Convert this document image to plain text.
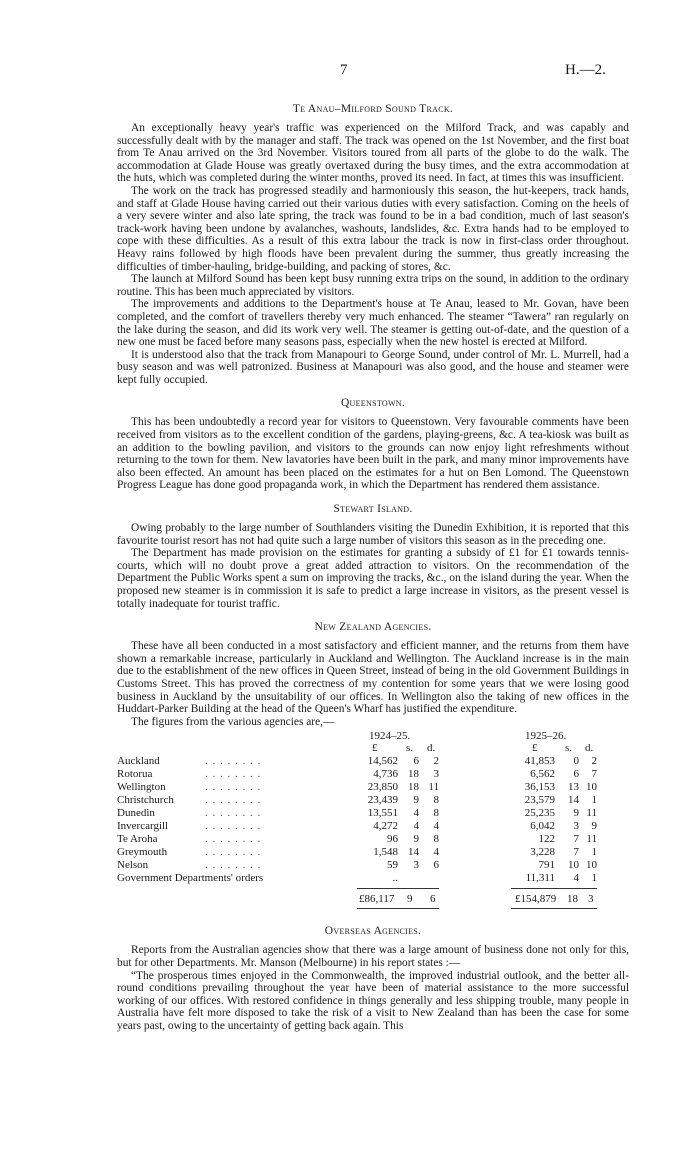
7	H.—2.
Te Anau–Milford Sound Track.

An exceptionally heavy year's traffic was experienced on the Milford Track, and was capably and successfully dealt with by the manager and staff. The track was opened on the 1st November, and the first boat from Te Anau arrived on the 3rd November. Visitors toured from all parts of the globe to do the walk. The accommodation at Glade House was greatly overtaxed during the busy times, and the extra accommodation at the huts, which was completed during the winter months, proved its need. In fact, at times this was insufficient.

The work on the track has progressed steadily and harmoniously this season, the hut-keepers, track hands, and staff at Glade House having carried out their various duties with every satisfaction. Coming on the heels of a very severe winter and also late spring, the track was found to be in a bad condition, much of last season's track-work having been undone by avalanches, washouts, landslides, &c. Extra hands had to be employed to cope with these difficulties. As a result of this extra labour the track is now in first-class order throughout. Heavy rains followed by high floods have been prevalent during the summer, thus greatly increasing the difficulties of timber-hauling, bridge-building, and packing of stores, &c.

The launch at Milford Sound has been kept busy running extra trips on the sound, in addition to the ordinary routine. This has been much appreciated by visitors.

The improvements and additions to the Department's house at Te Anau, leased to Mr. Govan, have been completed, and the comfort of travellers thereby very much enhanced. The steamer “Tawera” ran regularly on the lake during the season, and did its work very well. The steamer is getting out-of-date, and the question of a new one must be faced before many seasons pass, especially when the new hostel is erected at Milford.

It is understood also that the track from Manapouri to George Sound, under control of Mr. L. Murrell, had a busy season and was well patronized. Business at Manapouri was also good, and the house and steamer were kept fully occupied.

Queenstown.

This has been undoubtedly a record year for visitors to Queenstown. Very favourable comments have been received from visitors as to the excellent condition of the gardens, playing-greens, &c. A tea-kiosk was built as an addition to the bowling pavilion, and visitors to the grounds can now enjoy light refreshments without returning to the town for them. New lavatories have been built in the park, and many minor improvements have also been effected. An amount has been placed on the estimates for a hut on Ben Lomond. The Queenstown Progress League has done good propaganda work, in which the Department has rendered them assistance.

Stewart Island.

Owing probably to the large number of Southlanders visiting the Dunedin Exhibition, it is reported that this favourite tourist resort has not had quite such a large number of visitors this season as in the preceding one.

The Department has made provision on the estimates for granting a subsidy of £1 for £1 towards tennis-courts, which will no doubt prove a great added attraction to visitors. On the recommendation of the Department the Public Works spent a sum on improving the tracks, &c., on the island during the year. When the proposed new steamer is in commission it is safe to predict a large increase in visitors, as the present vessel is totally inadequate for tourist traffic.

New Zealand Agencies.

These have all been conducted in a most satisfactory and efficient manner, and the returns from them have shown a remarkable increase, particularly in Auckland and Wellington. The Auckland increase is in the main due to the establishment of the new offices in Queen Street, instead of being in the old Government Buildings in Customs Street. This has proved the correctness of my contention for some years that we were losing good business in Auckland by the unsuitability of our offices. In Wellington also the taking of new offices in the Huddart-Parker Building at the head of the Queen's Wharf has justified the expenditure.

The figures from the various agencies are,—

1924–25.	1925–26.
£	s. d.	£	s. d.
Auckland	. . . . . . . .	14,562 6 2	41,853 0 2
Rotorua	. . . . . . . .	4,736 18 3	6,562 6 7
Wellington	. . . . . . . .	23,850 18 11	36,153 13 10
Christchurch	. . . . . . . .	23,439 9 8	23,579 14 1
Dunedin	. . . . . . . .	13,551 4 8	25,235 9 11
Invercargill	. . . . . . . .	4,272 4 4	6,042 3 9
Te Aroha	. . . . . . . .	96 9 8	122 7 11
Greymouth	. . . . . . . .	1,548 14 4	3,228 7 1
Nelson	. . . . . . . .	59 3 6	791 10 10
Government Departments' orders	..	11,311 4 1
£86,117 9 6	£154,879 18 3
Overseas Agencies.

Reports from the Australian agencies show that there was a large amount of business done not only for this, but for other Departments. Mr. Manson (Melbourne) in his report states :—

“The prosperous times enjoyed in the Commonwealth, the improved industrial outlook, and the better all-round conditions prevailing throughout the year have been of material assistance to the more successful working of our offices. With restored confidence in things generally and less shipping trouble, many people in Australia have felt more disposed to take the risk of a visit to New Zealand than has been the case for some years past, owing to the uncertainty of getting back again. This
